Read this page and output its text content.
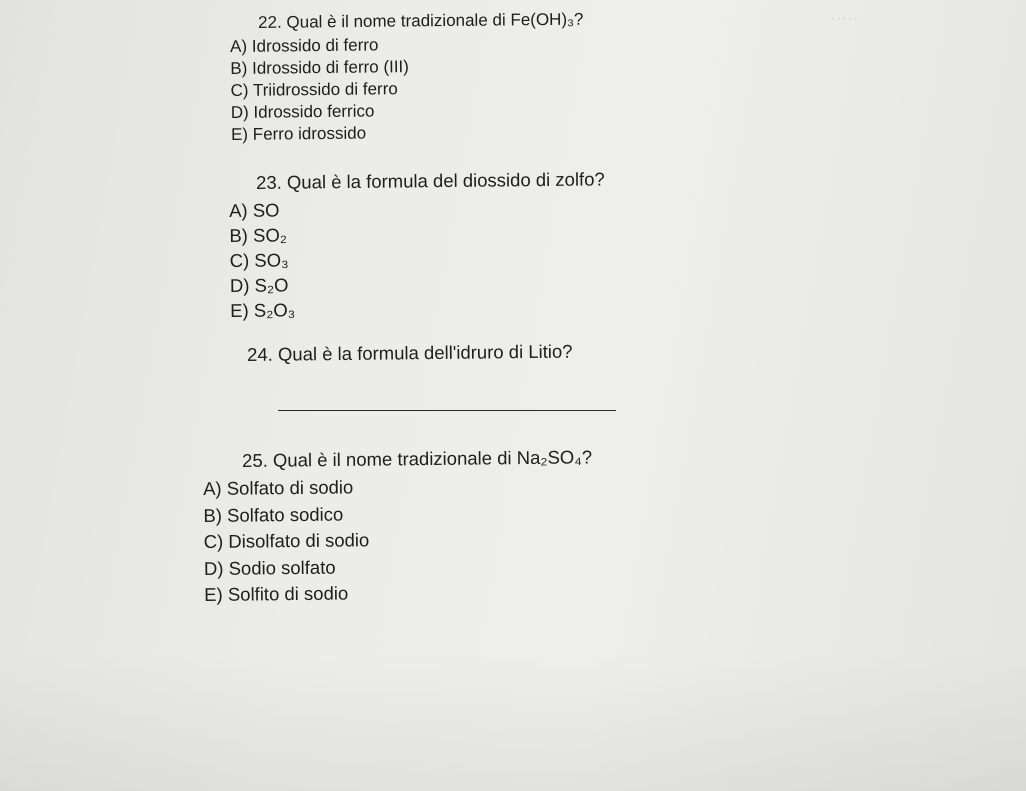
·····
22. Qual è il nome tradizionale di Fe(OH)₃?
A) Idrossido di ferro
B) Idrossido di ferro (III)
C) Triidrossido di ferro
D) Idrossido ferrico
E) Ferro idrossido
23. Qual è la formula del diossido di zolfo?
A) SO
B) SO₂
C) SO₃
D) S₂O
E) S₂O₃
24. Qual è la formula dell'idruro di Litio?
25. Qual è il nome tradizionale di Na₂SO₄?
A) Solfato di sodio
B) Solfato sodico
C) Disolfato di sodio
D) Sodio solfato
E) Solfito di sodio
